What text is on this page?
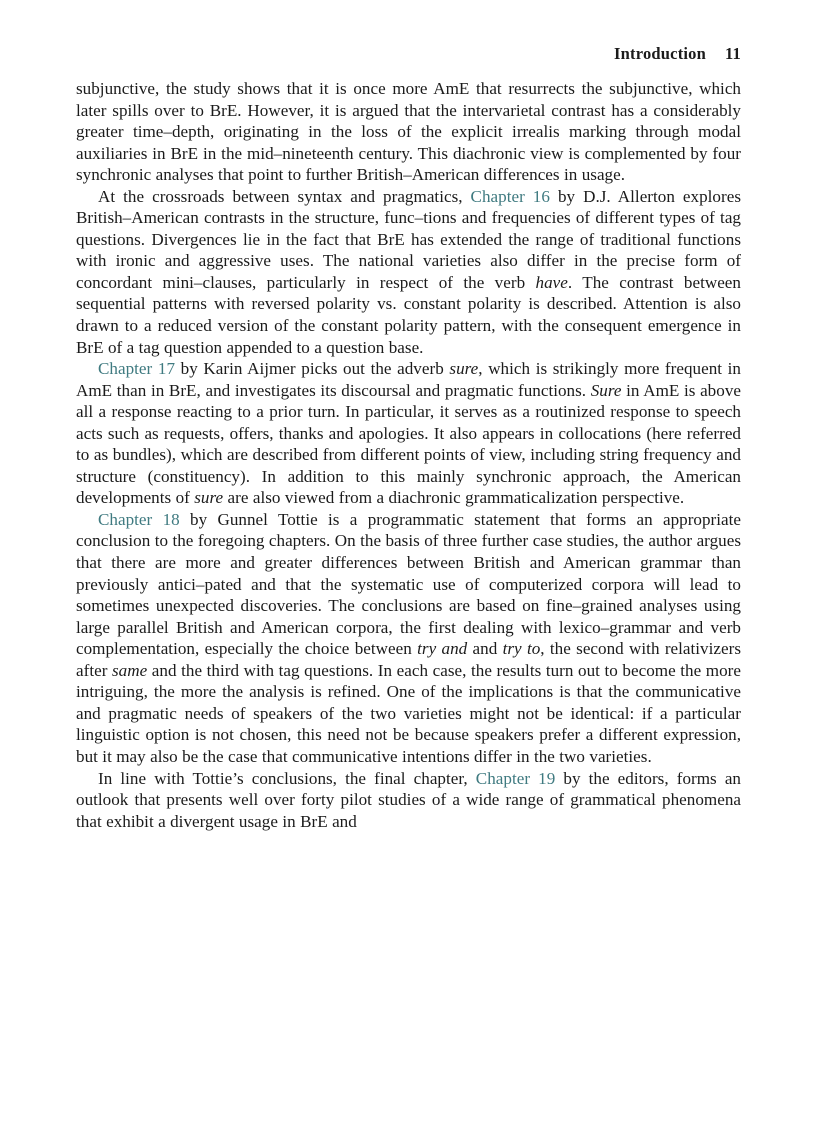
Introduction 11

subjunctive, the study shows that it is once more AmE that resurrects the subjunctive, which later spills over to BrE. However, it is argued that the intervarietal contrast has a considerably greater time–depth, originating in the loss of the explicit irrealis marking through modal auxiliaries in BrE in the mid–nineteenth century. This diachronic view is complemented by four synchronic analyses that point to further British–American differences in usage.

At the crossroads between syntax and pragmatics, Chapter 16 by D.J. Allerton explores British–American contrasts in the structure, func–tions and frequencies of different types of tag questions. Divergences lie in the fact that BrE has extended the range of traditional functions with ironic and aggressive uses. The national varieties also differ in the precise form of concordant mini–clauses, particularly in respect of the verb have. The contrast between sequential patterns with reversed polarity vs. constant polarity is described. Attention is also drawn to a reduced version of the constant polarity pattern, with the consequent emergence in BrE of a tag question appended to a question base.

Chapter 17 by Karin Aijmer picks out the adverb sure, which is strikingly more frequent in AmE than in BrE, and investigates its discoursal and pragmatic functions. Sure in AmE is above all a response reacting to a prior turn. In particular, it serves as a routinized response to speech acts such as requests, offers, thanks and apologies. It also appears in collocations (here referred to as bundles), which are described from different points of view, including string frequency and structure (constituency). In addition to this mainly synchronic approach, the American developments of sure are also viewed from a diachronic grammaticalization perspective.

Chapter 18 by Gunnel Tottie is a programmatic statement that forms an appropriate conclusion to the foregoing chapters. On the basis of three further case studies, the author argues that there are more and greater differences between British and American grammar than previously antici–pated and that the systematic use of computerized corpora will lead to sometimes unexpected discoveries. The conclusions are based on fine–grained analyses using large parallel British and American corpora, the first dealing with lexico–grammar and verb complementation, especially the choice between try and and try to, the second with relativizers after same and the third with tag questions. In each case, the results turn out to become the more intriguing, the more the analysis is refined. One of the implications is that the communicative and pragmatic needs of speakers of the two varieties might not be identical: if a particular linguistic option is not chosen, this need not be because speakers prefer a different expression, but it may also be the case that communicative intentions differ in the two varieties.

In line with Tottie’s conclusions, the final chapter, Chapter 19 by the editors, forms an outlook that presents well over forty pilot studies of a wide range of grammatical phenomena that exhibit a divergent usage in BrE and
